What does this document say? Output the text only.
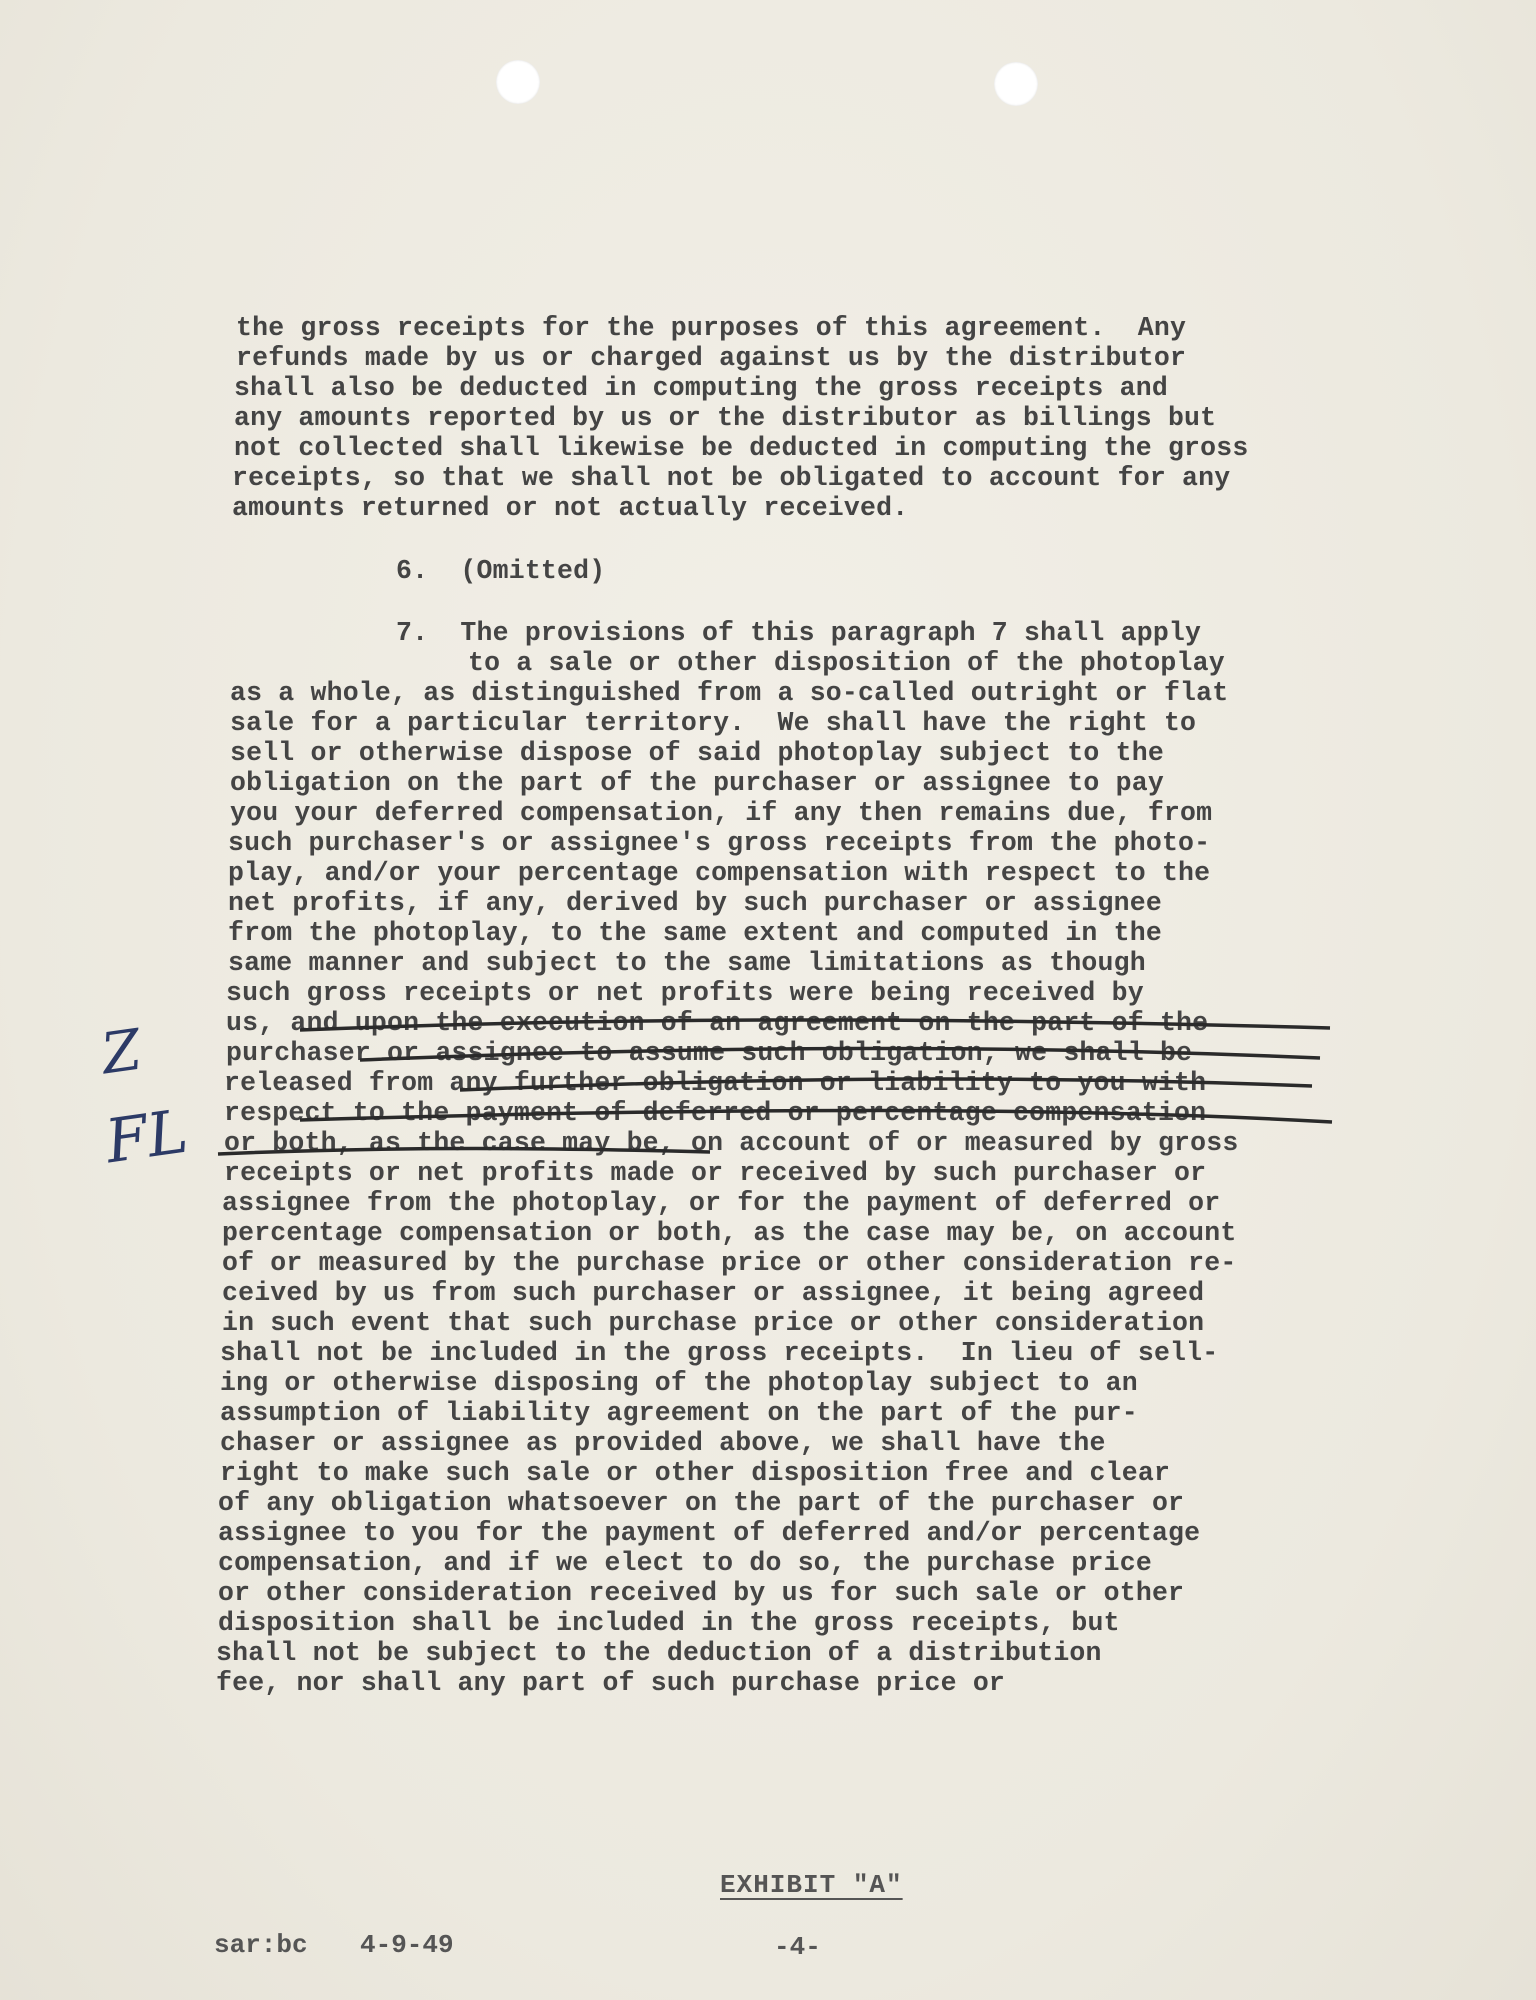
the gross receipts for the purposes of this agreement.  Any
refunds made by us or charged against us by the distributor
shall also be deducted in computing the gross receipts and
any amounts reported by us or the distributor as billings but
not collected shall likewise be deducted in computing the gross
receipts, so that we shall not be obligated to account for any
amounts returned or not actually received.
6.  (Omitted)
7.  The provisions of this paragraph 7 shall apply
to a sale or other disposition of the photoplay
as a whole, as distinguished from a so-called outright or flat
sale for a particular territory.  We shall have the right to
sell or otherwise dispose of said photoplay subject to the
obligation on the part of the purchaser or assignee to pay
you your deferred compensation, if any then remains due, from
such purchaser's or assignee's gross receipts from the photo-
play, and/or your percentage compensation with respect to the
net profits, if any, derived by such purchaser or assignee
from the photoplay, to the same extent and computed in the
same manner and subject to the same limitations as though
such gross receipts or net profits were being received by
us, and upon the execution of an agreement on the part of the
purchaser or assignee to assume such obligation, we shall be
released from any further obligation or liability to you with
respect to the payment of deferred or percentage compensation
or both, as the case may be, on account of or measured by gross
receipts or net profits made or received by such purchaser or
assignee from the photoplay, or for the payment of deferred or
percentage compensation or both, as the case may be, on account
of or measured by the purchase price or other consideration re-
ceived by us from such purchaser or assignee, it being agreed
in such event that such purchase price or other consideration
shall not be included in the gross receipts.  In lieu of sell-
ing or otherwise disposing of the photoplay subject to an
assumption of liability agreement on the part of the pur-
chaser or assignee as provided above, we shall have the
right to make such sale or other disposition free and clear
of any obligation whatsoever on the part of the purchaser or
assignee to you for the payment of deferred and/or percentage
compensation, and if we elect to do so, the purchase price
or other consideration received by us for such sale or other
disposition shall be included in the gross receipts, but
shall not be subject to the deduction of a distribution
fee, nor shall any part of such purchase price or
Z
FL
EXHIBIT "A"
sar:bc 4-9-49	-4-
